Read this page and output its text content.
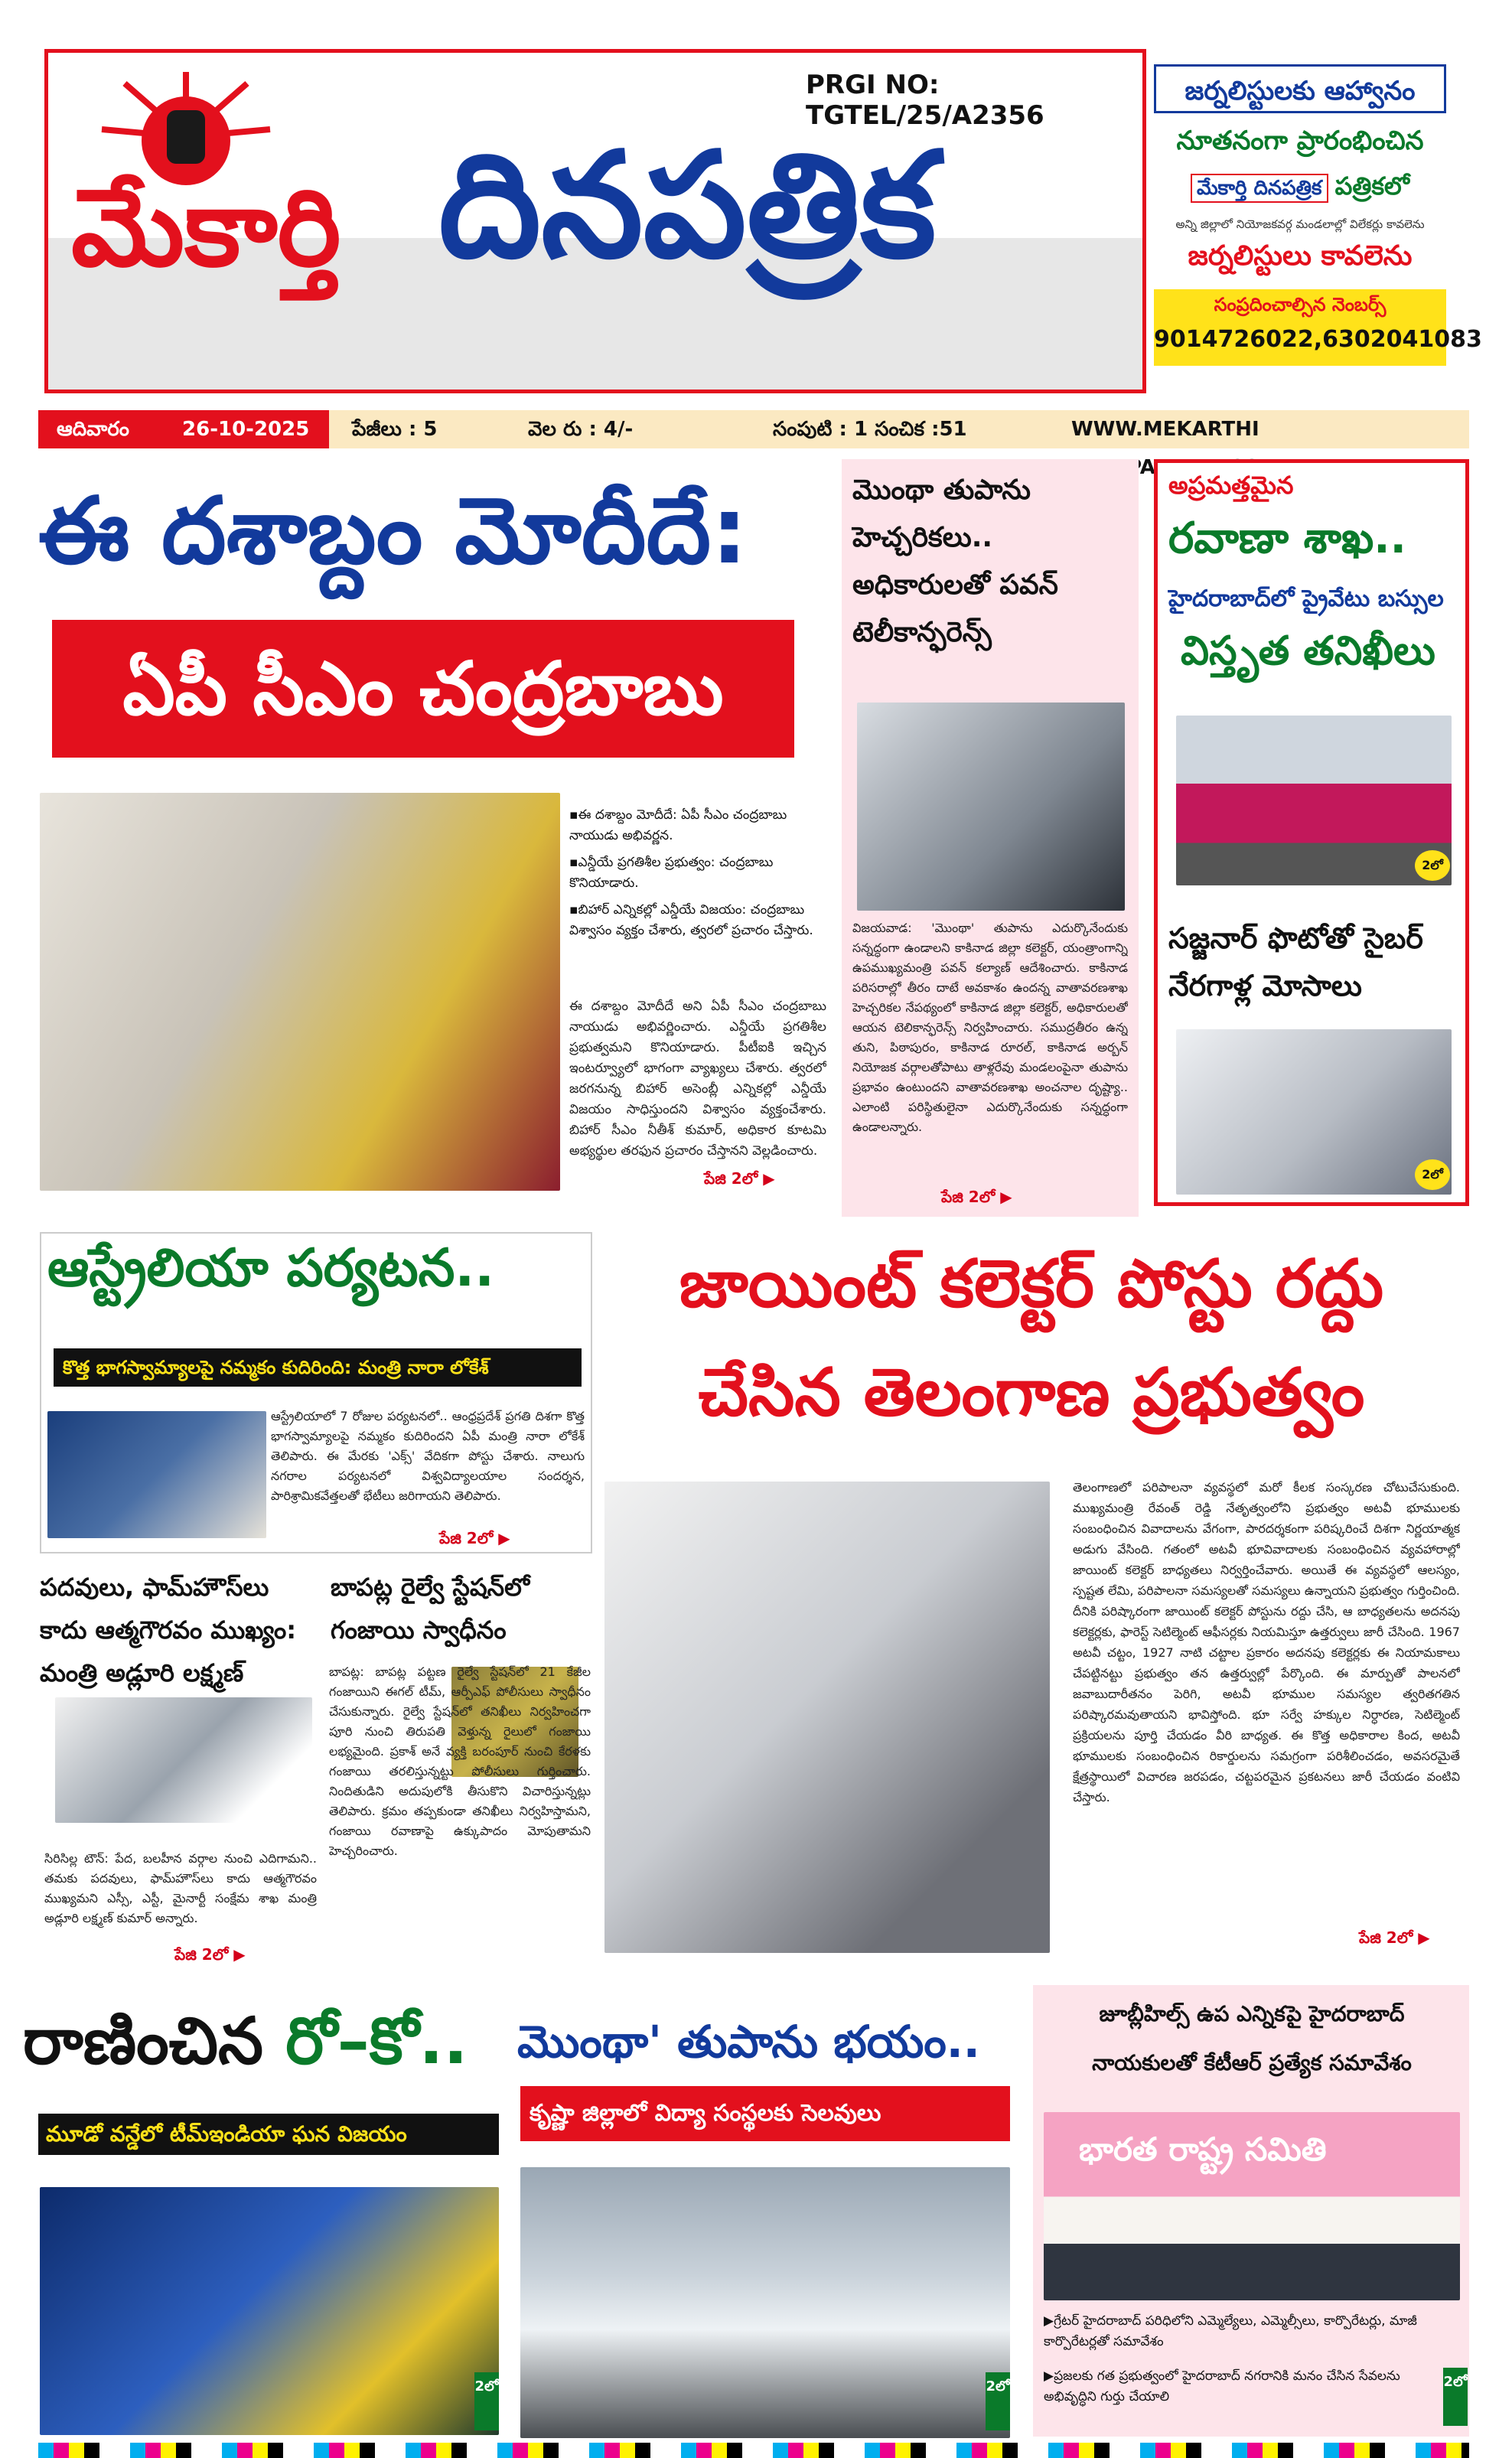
PRGI NO: TGTEL/25/A2356
మేకార్తి దినపత్రిక
జర్నలిస్టులకు ఆహ్వానం
నూతనంగా ప్రారంభించిన
మేకార్తి దినపత్రిక పత్రికలో
అన్ని జిల్లాలో నియోజకవర్గ మండలాల్లో విలేకర్లు కావలెను
జర్నలిస్టులు కావలెను
సంప్రదించాల్సిన నెంబర్స్
9014726022,6302041083
ఆదివారం	26-10-2025	పేజీలు : 5	వెల రు : 4/-	సంపుటి : 1 సంచిక :51	WWW.MEKARTHI
ఈ దశాబ్దం మోదీదే:
ఏపీ సీఎం చంద్రబాబు
▪ఈ దశాబ్దం మోదీదే: ఏపీ సీఎం చంద్రబాబు నాయుడు అభివర్ణన.
▪ఎన్డీయే ప్రగతిశీల ప్రభుత్వం: చంద్రబాబు కొనియాడారు.
▪బిహార్ ఎన్నికల్లో ఎన్డీయే విజయం: చంద్రబాబు విశ్వాసం వ్యక్తం చేశారు, త్వరలో ప్రచారం చేస్తారు.
ఈ దశాబ్దం మోదీదే అని ఏపీ సీఎం చంద్రబాబు నాయుడు అభివర్ణించారు. ఎన్డీయే ప్రగతిశీల ప్రభుత్వమని కొనియాడారు. పీటీఐకి ఇచ్చిన ఇంటర్వ్యూలో భాగంగా వ్యాఖ్యలు చేశారు. త్వరలో జరగనున్న బిహార్ అసెంబ్లీ ఎన్నికల్లో ఎన్డీయే విజయం సాధిస్తుందని విశ్వాసం వ్యక్తంచేశారు. బిహార్ సీఎం నీతీశ్ కుమార్, అధికార కూటమి అభ్యర్థుల తరఫున ప్రచారం చేస్తానని వెల్లడించారు.
పేజి 2లో ▶
మొంథా తుపాను హెచ్చరికలు.. అధికారులతో పవన్ టెలీకాన్ఫరెన్స్
విజయవాడ: 'మొంథా' తుపాను ఎదుర్కొనేందుకు సన్నద్ధంగా ఉండాలని కాకినాడ జిల్లా కలెక్టర్, యంత్రాంగాన్ని ఉపముఖ్యమంత్రి పవన్ కల్యాణ్ ఆదేశించారు. కాకినాడ పరిసరాల్లో తీరం దాటే అవకాశం ఉందన్న వాతావరణశాఖ హెచ్చరికల నేపథ్యంలో కాకినాడ జిల్లా కలెక్టర్, అధికారులతో ఆయన టెలికాన్ఫరెన్స్ నిర్వహించారు. సముద్రతీరం ఉన్న తుని, పిఠాపురం, కాకినాడ రూరల్, కాకినాడ అర్బన్ నియోజక వర్గాలతోపాటు తాళ్లరేవు మండలంపైనా తుపాను ప్రభావం ఉంటుందని వాతావరణశాఖ అంచనాల దృష్ట్యా.. ఎలాంటి పరిస్థితులైనా ఎదుర్కొనేందుకు సన్నద్ధంగా ఉండాలన్నారు.
పేజి 2లో ▶
అప్రమత్తమైన
రవాణా శాఖ..
హైదరాబాద్‌లో ప్రైవేటు బస్సుల
విస్తృత తనిఖీలు
2లో
సజ్జనార్ ఫొటోతో సైబర్ నేరగాళ్ల మోసాలు
2లో
ఆస్ట్రేలియా పర్యటన..
కొత్త భాగస్వామ్యాలపై నమ్మకం కుదిరింది: మంత్రి నారా లోకేశ్
ఆస్ట్రేలియాలో 7 రోజుల పర్యటనలో.. ఆంధ్రప్రదేశ్ ప్రగతి దిశగా కొత్త భాగస్వామ్యాలపై నమ్మకం కుదిరిందని ఏపీ మంత్రి నారా లోకేశ్ తెలిపారు. ఈ మేరకు 'ఎక్స్' వేదికగా పోస్టు చేశారు. నాలుగు నగరాల పర్యటనలో విశ్వవిద్యాలయాల సందర్శన, పారిశ్రామికవేత్తలతో భేటీలు జరిగాయని తెలిపారు.
పేజి 2లో ▶
జాయింట్ కలెక్టర్ పోస్టు రద్దు
చేసిన తెలంగాణ ప్రభుత్వం
తెలంగాణలో పరిపాలనా వ్యవస్థలో మరో కీలక సంస్కరణ చోటుచేసుకుంది. ముఖ్యమంత్రి రేవంత్ రెడ్డి నేతృత్వంలోని ప్రభుత్వం అటవీ భూములకు సంబంధించిన వివాదాలను వేగంగా, పారదర్శకంగా పరిష్కరించే దిశగా నిర్ణయాత్మక అడుగు వేసింది. గతంలో అటవీ భూవివాదాలకు సంబంధించిన వ్యవహారాల్లో జాయింట్ కలెక్టర్ బాధ్యతలు నిర్వర్తించేవారు. అయితే ఈ వ్యవస్థలో ఆలస్యం, స్పష్టత లేమి, పరిపాలనా సమస్యలతో సమస్యలు ఉన్నాయని ప్రభుత్వం గుర్తించింది. దీనికి పరిష్కారంగా జాయింట్ కలెక్టర్ పోస్టును రద్దు చేసి, ఆ బాధ్యతలను అదనపు కలెక్టర్లకు, ఫారెస్ట్ సెటిల్మెంట్ ఆఫీసర్లకు నియమిస్తూ ఉత్తర్వులు జారీ చేసింది. 1967 అటవీ చట్టం, 1927 నాటి చట్టాల ప్రకారం అదనపు కలెక్టర్లకు ఈ నియామకాలు చేపట్టినట్టు ప్రభుత్వం తన ఉత్తర్వుల్లో పేర్కొంది. ఈ మార్పుతో పాలనలో జవాబుదారీతనం పెరిగి, అటవీ భూముల సమస్యల త్వరితగతిన పరిష్కారమవుతాయని భావిస్తోంది. భూ సర్వే హక్కుల నిర్ధారణ, సెటిల్మెంట్ ప్రక్రియలను పూర్తి చేయడం వీరి బాధ్యత. ఈ కొత్త అధికారాల కింద, అటవీ భూములకు సంబంధించిన రికార్డులను సమగ్రంగా పరిశీలించడం, అవసరమైతే క్షేత్రస్థాయిలో విచారణ జరపడం, చట్టపరమైన ప్రకటనలు జారీ చేయడం వంటివి చేస్తారు.
పేజి 2లో ▶
పదవులు, ఫామ్‌హౌస్‌లు కాదు ఆత్మగౌరవం ముఖ్యం: మంత్రి అడ్లూరి లక్ష్మణ్
సిరిసిల్ల టౌన్: పేద, బలహీన వర్గాల నుంచి ఎదిగామని.. తమకు పదవులు, ఫామ్‌హౌస్‌లు కాదు ఆత్మగౌరవం ముఖ్యమని ఎస్సీ, ఎస్టీ, మైనార్టీ సంక్షేమ శాఖ మంత్రి అడ్లూరి లక్ష్మణ్ కుమార్ అన్నారు.
పేజి 2లో ▶
బాపట్ల రైల్వే స్టేషన్‌లో గంజాయి స్వాధీనం
బాపట్ల: బాపట్ల పట్టణ రైల్వే స్టేషన్‌లో 21 కేజీల గంజాయిని ఈగల్ టీమ్, ఆర్పీఎఫ్ పోలీసులు స్వాధీనం చేసుకున్నారు. రైల్వే స్టేషన్‌లో తనిఖీలు నిర్వహించగా పూరి నుంచి తిరుపతి వెళ్తున్న రైలులో గంజాయి లభ్యమైంది. ప్రకాశ్ అనే వ్యక్తి బరంపూర్ నుంచి కేరళకు గంజాయి తరలిస్తున్నట్టు పోలీసులు గుర్తించారు. నిందితుడిని అదుపులోకి తీసుకొని విచారిస్తున్నట్లు తెలిపారు. క్రమం తప్పకుండా తనిఖీలు నిర్వహిస్తామని, గంజాయి రవాణాపై ఉక్కుపాదం మోపుతామని హెచ్చరించారు.
రాణించిన రో–కో..
మూడో వన్డేలో టీమ్ఇండియా ఘన విజయం
2లో
మొంథా' తుపాను భయం..
కృష్ణా జిల్లాలో విద్యా సంస్థలకు సెలవులు
2లో
జూబ్లీహిల్స్ ఉప ఎన్నికపై హైదరాబాద్ నాయకులతో కేటీఆర్ ప్రత్యేక సమావేశం
భారత రాష్ట్ర సమితి
▶గ్రేటర్ హైదరాబాద్ పరిధిలోని ఎమ్మెల్యేలు, ఎమ్మెల్సీలు, కార్పొరేటర్లు, మాజీ కార్పొరేటర్లతో సమావేశం
▶ప్రజలకు గత ప్రభుత్వంలో హైదరాబాద్ నగరానికి మనం చేసిన సేవలను అభివృద్ధిని గుర్తు చేయాలి
2లో
